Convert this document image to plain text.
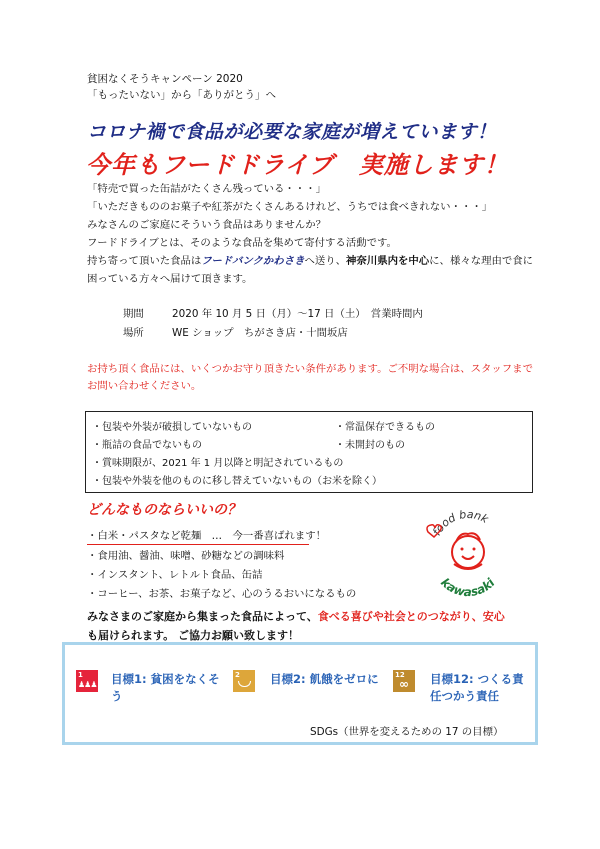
貧困なくそうキャンペーン 2020
「もったいない」から「ありがとう」へ
コロナ禍で食品が必要な家庭が増えています！
今年もフードドライブ　実施します！
「特売で買った缶詰がたくさん残っている・・・」
「いただきもののお菓子や紅茶がたくさんあるけれど、うちでは食べきれない・・・」
みなさんのご家庭にそういう食品はありませんか？
フードドライブとは、そのような食品を集めて寄付する活動です。
持ち寄って頂いた食品はフードバンクかわさきへ送り、神奈川県内を中心に、様々な理由で食に
困っている方々へ届けて頂きます。
期間	2020 年 10 月 5 日（月）～17 日（土）　営業時間内
場所	WE ショップ　ちがさき店・十間坂店
お持ち頂く食品には、いくつかお守り頂きたい条件があります。ご不明な場合は、スタッフまで
お問い合わせください。
・包装や外装が破損していないもの	・常温保存できるもの
・瓶詰の食品でないもの	・未開封のもの
・賞味期限が、2021 年 1 月以降と明記されているもの
・包装や外装を他のものに移し替えていないもの（お米を除く）
どんなものならいいの？
・白米・パスタなど乾麺　…　今一番喜ばれます！
・食用油、醤油、味噌、砂糖などの調味料
・インスタント、レトルト食品、缶詰
・コーヒー、お茶、お菓子など、心のうるおいになるもの
food bank
kawasaki
みなさまのご家庭から集まった食品によって、食べる喜びや社会とのつながり、安心
も届けられます。 ご協力お願い致します！
1
♟♟♟ 目標1: 貧困をなくそう
2	目標2: 飢餓をゼロに 12
∞	目標12: つくる責任つかう責任
SDGs（世界を変えるための 17 の目標）
